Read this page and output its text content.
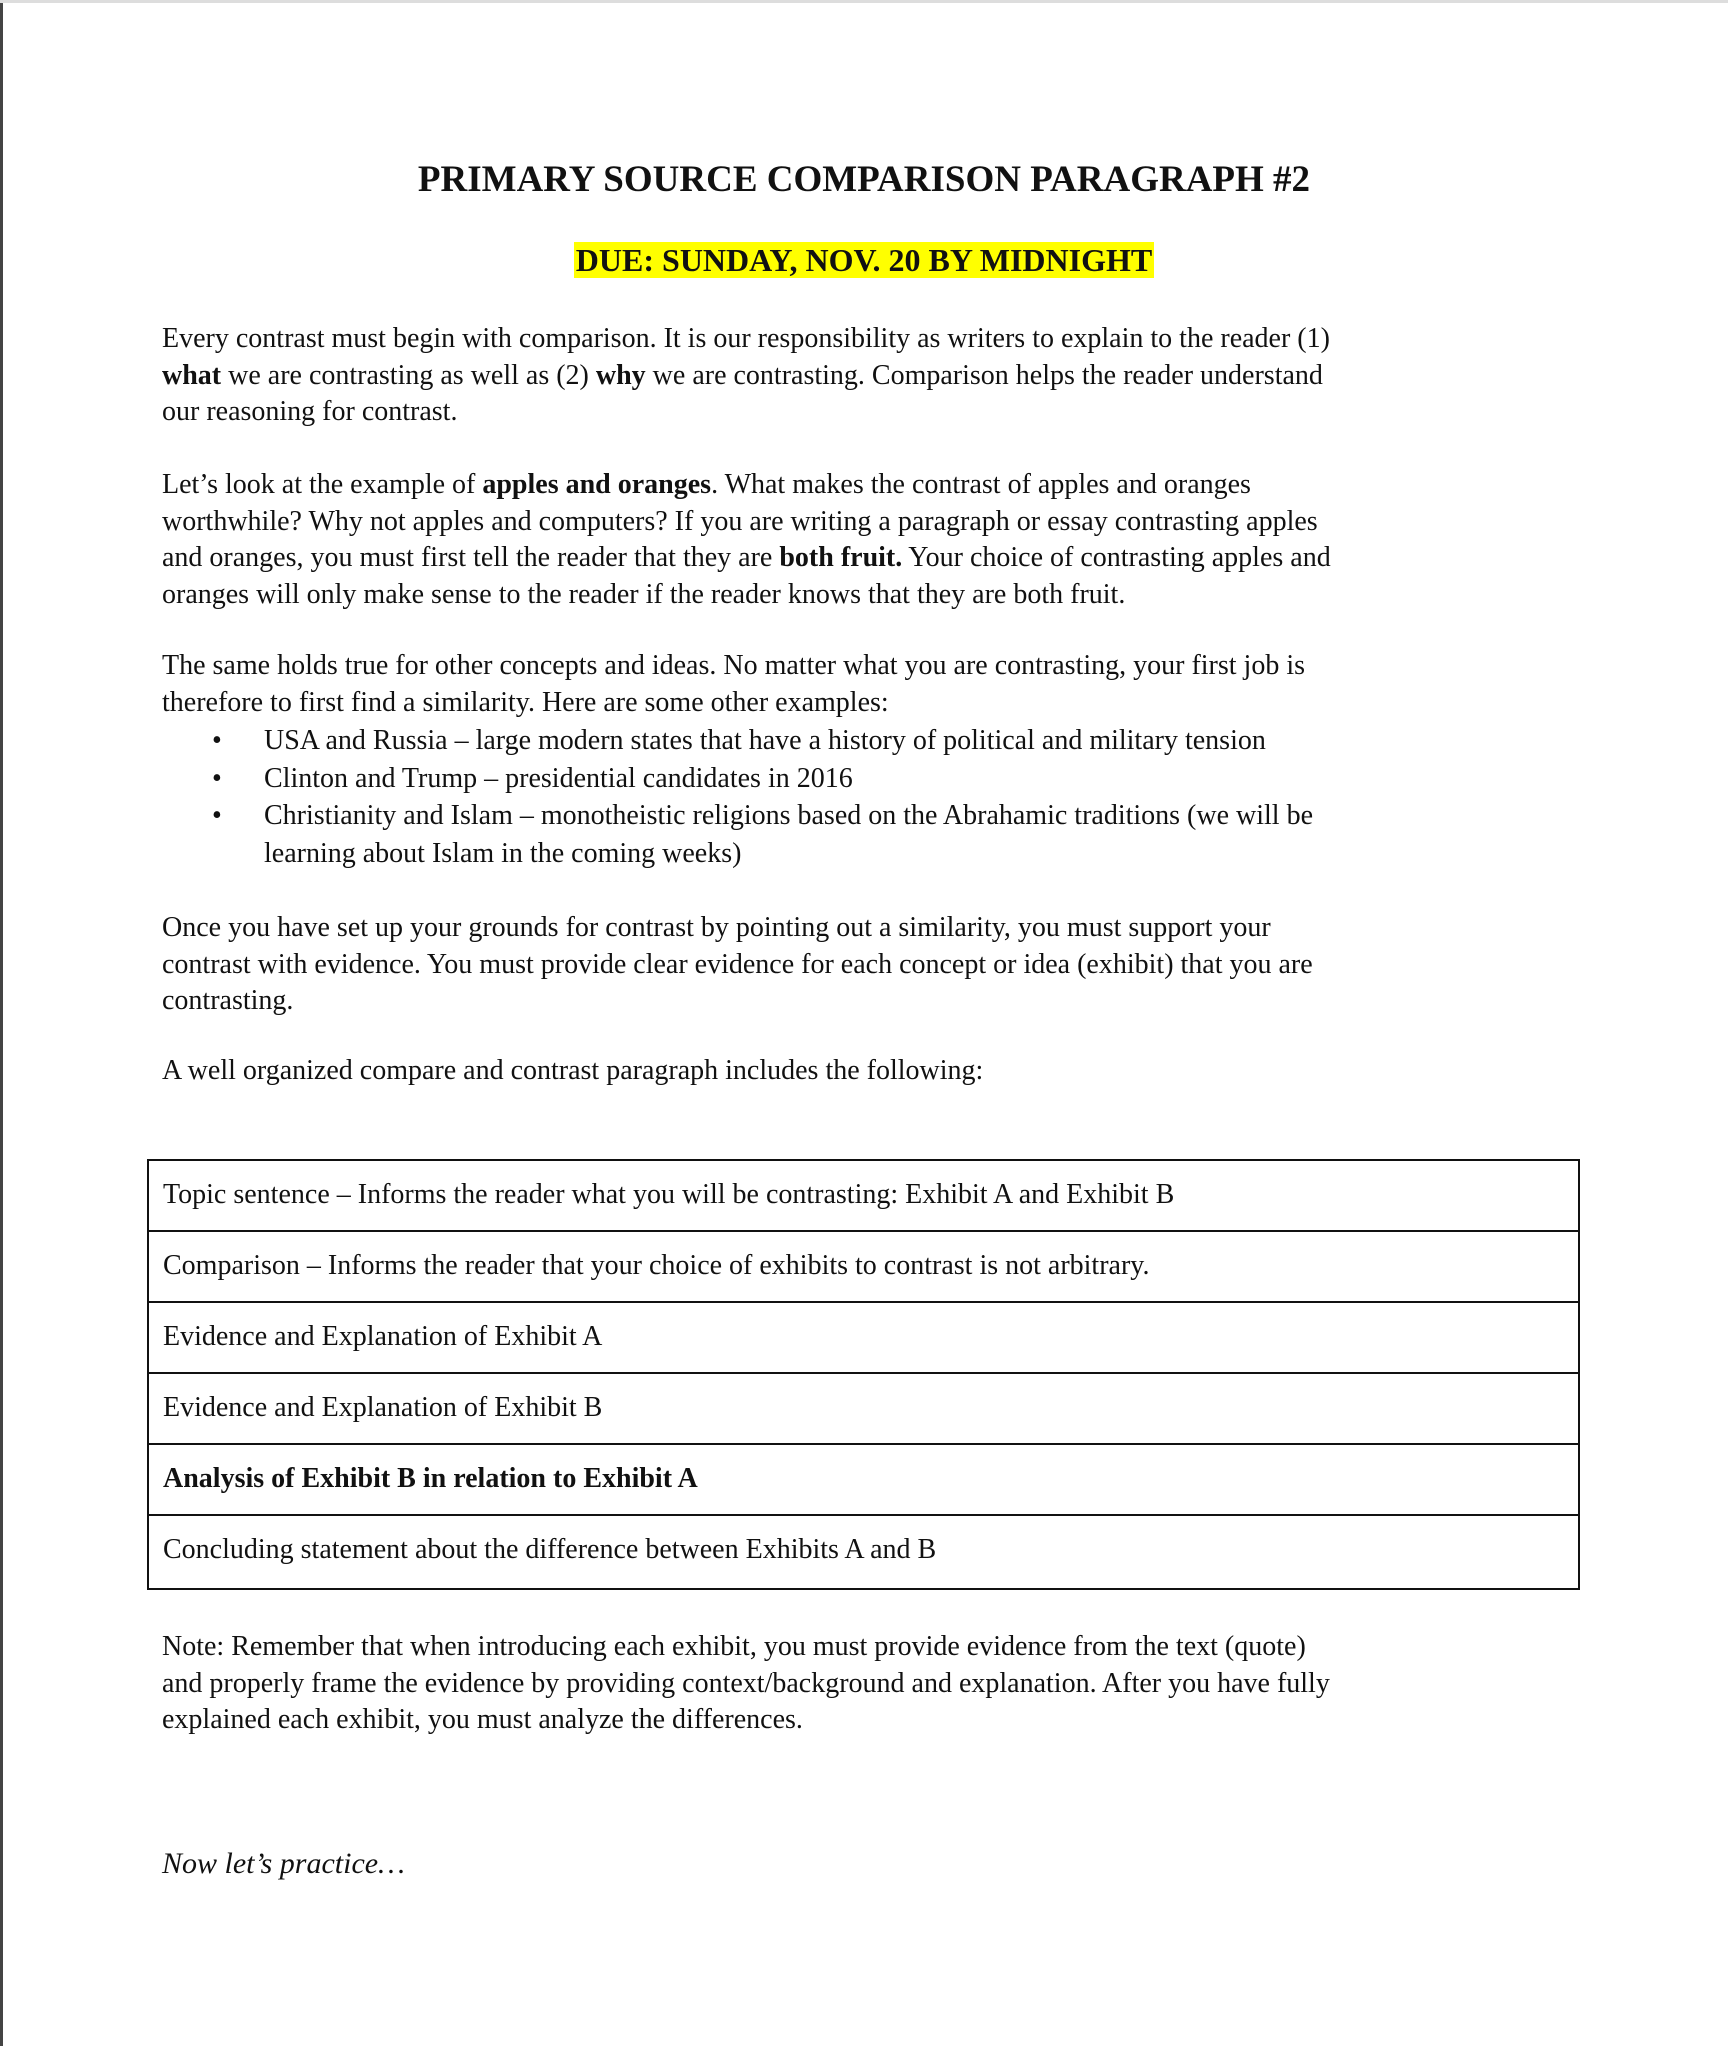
PRIMARY SOURCE COMPARISON PARAGRAPH #2
DUE: SUNDAY, NOV. 20 BY MIDNIGHT
Every contrast must begin with comparison. It is our responsibility as writers to explain to the reader (1)
what we are contrasting as well as (2) why we are contrasting. Comparison helps the reader understand
our reasoning for contrast.
Let’s look at the example of apples and oranges. What makes the contrast of apples and oranges
worthwhile? Why not apples and computers? If you are writing a paragraph or essay contrasting apples
and oranges, you must first tell the reader that they are both fruit. Your choice of contrasting apples and
oranges will only make sense to the reader if the reader knows that they are both fruit.
The same holds true for other concepts and ideas. No matter what you are contrasting, your first job is
therefore to first find a similarity. Here are some other examples:
• USA and Russia – large modern states that have a history of political and military tension
• Clinton and Trump – presidential candidates in 2016
• Christianity and Islam – monotheistic religions based on the Abrahamic traditions (we will be
learning about Islam in the coming weeks)
Once you have set up your grounds for contrast by pointing out a similarity, you must support your
contrast with evidence. You must provide clear evidence for each concept or idea (exhibit) that you are
contrasting.
A well organized compare and contrast paragraph includes the following:
Topic sentence – Informs the reader what you will be contrasting: Exhibit A and Exhibit B
Comparison – Informs the reader that your choice of exhibits to contrast is not arbitrary.
Evidence and Explanation of Exhibit A
Evidence and Explanation of Exhibit B
Analysis of Exhibit B in relation to Exhibit A
Concluding statement about the difference between Exhibits A and B
Note: Remember that when introducing each exhibit, you must provide evidence from the text (quote)
and properly frame the evidence by providing context/background and explanation. After you have fully
explained each exhibit, you must analyze the differences.
Now let’s practice…
